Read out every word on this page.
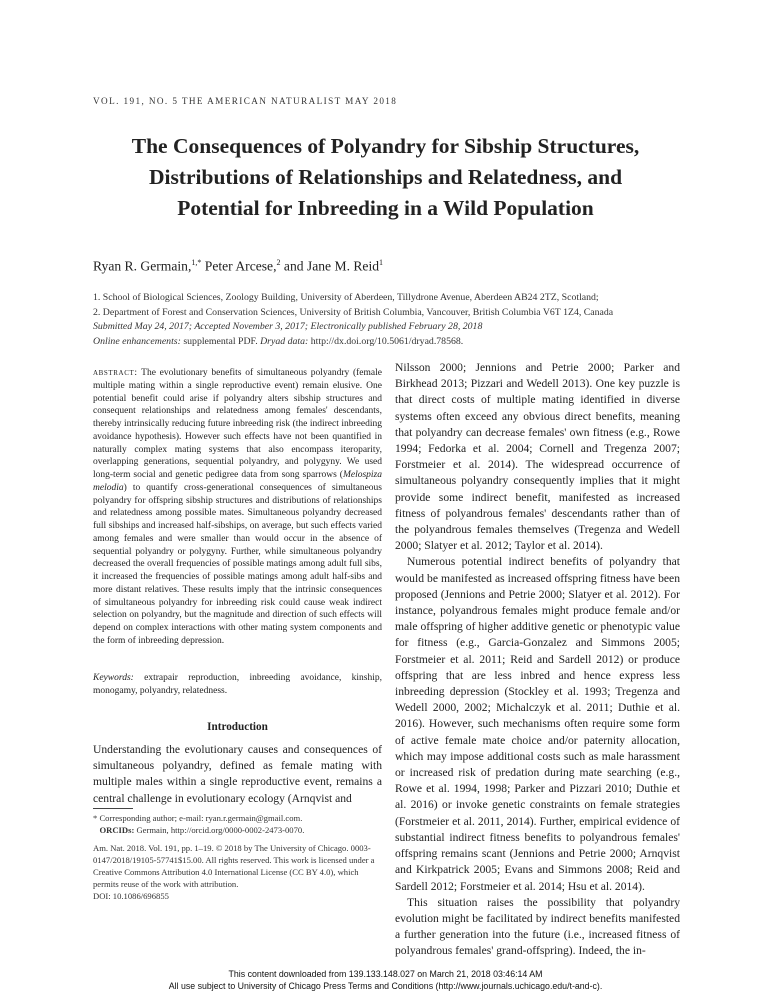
VOL. 191, NO. 5 THE AMERICAN NATURALIST MAY 2018
The Consequences of Polyandry for Sibship Structures,
Distributions of Relationships and Relatedness, and
Potential for Inbreeding in a Wild Population
Ryan R. Germain,$^{1,*}$ Peter Arcese,$^2$ and Jane M. Reid$^1$
1. School of Biological Sciences, Zoology Building, University of Aberdeen, Tillydrone Avenue, Aberdeen AB24 2TZ, Scotland;
2. Department of Forest and Conservation Sciences, University of British Columbia, Vancouver, British Columbia V6T 1Z4, Canada
Submitted May 24, 2017; Accepted November 3, 2017; Electronically published February 28, 2018
Online enhancements: supplemental PDF. Dryad data: http://dx.doi.org/10.5061/dryad.78568.
abstract: The evolutionary benefits of simultaneous polyandry (female multiple mating within a single reproductive event) remain elusive. One potential benefit could arise if polyandry alters sibship structures and consequent relationships and relatedness among females' descendants, thereby intrinsically reducing future inbreeding risk (the indirect inbreeding avoidance hypothesis). However such effects have not been quantified in naturally complex mating systems that also encompass iteroparity, overlapping generations, sequential polyandry, and polygyny. We used long-term social and genetic pedigree data from song sparrows (Melospiza melodia) to quantify cross-generational consequences of simultaneous polyandry for offspring sibship structures and distributions of relationships and relatedness among possible mates. Simultaneous polyandry decreased full sibships and increased half-sibships, on average, but such effects varied among females and were smaller than would occur in the absence of sequential polyandry or polygyny. Further, while simultaneous polyandry decreased the overall frequencies of possible matings among adult full sibs, it increased the frequencies of possible matings among adult half-sibs and more distant relatives. These results imply that the intrinsic consequences of simultaneous polyandry for inbreeding risk could cause weak indirect selection on polyandry, but the magnitude and direction of such effects will depend on complex interactions with other mating system components and the form of inbreeding depression.
Keywords: extrapair reproduction, inbreeding avoidance, kinship, monogamy, polyandry, relatedness.
Introduction
Understanding the evolutionary causes and consequences of simultaneous polyandry, defined as female mating with multiple males within a single reproductive event, remains a central challenge in evolutionary ecology (Arnqvist and
* Corresponding author; e-mail: ryan.r.germain@gmail.com.
ORCIDs: Germain, http://orcid.org/0000-0002-2473-0070.
Am. Nat. 2018. Vol. 191, pp. 1–19. © 2018 by The University of Chicago. 0003-0147/2018/19105-57741$15.00. All rights reserved. This work is licensed under a Creative Commons Attribution 4.0 International License (CC BY 4.0), which permits reuse of the work with attribution.
DOI: 10.1086/696855

Nilsson 2000; Jennions and Petrie 2000; Parker and Birkhead 2013; Pizzari and Wedell 2013). One key puzzle is that direct costs of multiple mating identified in diverse systems often exceed any obvious direct benefits, meaning that polyandry can decrease females' own fitness (e.g., Rowe 1994; Fedorka et al. 2004; Cornell and Tregenza 2007; Forstmeier et al. 2014). The widespread occurrence of simultaneous polyandry consequently implies that it might provide some indirect benefit, manifested as increased fitness of polyandrous females' descendants rather than of the polyandrous females themselves (Tregenza and Wedell 2000; Slatyer et al. 2012; Taylor et al. 2014).

Numerous potential indirect benefits of polyandry that would be manifested as increased offspring fitness have been proposed (Jennions and Petrie 2000; Slatyer et al. 2012). For instance, polyandrous females might produce female and/or male offspring of higher additive genetic or phenotypic value for fitness (e.g., Garcia-Gonzalez and Simmons 2005; Forstmeier et al. 2011; Reid and Sardell 2012) or produce offspring that are less inbred and hence express less inbreeding depression (Stockley et al. 1993; Tregenza and Wedell 2000, 2002; Michalczyk et al. 2011; Duthie et al. 2016). However, such mechanisms often require some form of active female mate choice and/or paternity allocation, which may impose additional costs such as male harassment or increased risk of predation during mate searching (e.g., Rowe et al. 1994, 1998; Parker and Pizzari 2010; Duthie et al. 2016) or invoke genetic constraints on female strategies (Forstmeier et al. 2011, 2014). Further, empirical evidence of substantial indirect fitness benefits to polyandrous females' offspring remains scant (Jennions and Petrie 2000; Arnqvist and Kirkpatrick 2005; Evans and Simmons 2008; Reid and Sardell 2012; Forstmeier et al. 2014; Hsu et al. 2014).

This situation raises the possibility that polyandry evolution might be facilitated by indirect benefits manifested a further generation into the future (i.e., increased fitness of polyandrous females' grand-offspring). Indeed, the in-

This content downloaded from 139.133.148.027 on March 21, 2018 03:46:14 AM
All use subject to University of Chicago Press Terms and Conditions (http://www.journals.uchicago.edu/t-and-c).
